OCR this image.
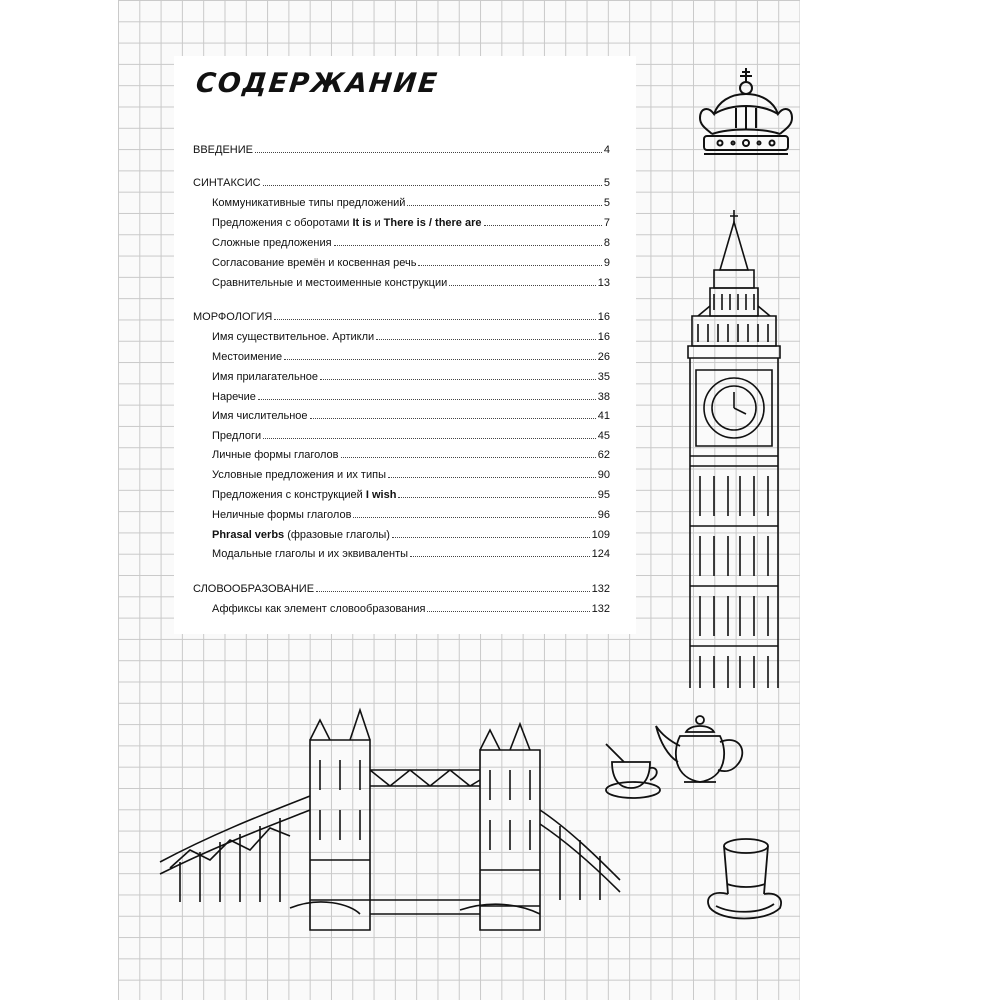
СОДЕРЖАНИЕ
ВВЕДЕНИЕ	4
СИНТАКСИС	5
Коммуникативные типы предложений	5
Предложения с оборотами It is и There is / there are	7
Сложные предложения	8
Согласование времён и косвенная речь	9
Сравнительные и местоименные конструкции	13
МОРФОЛОГИЯ	16
Имя существительное. Артикли	16
Местоимение	26
Имя прилагательное	35
Наречие	38
Имя числительное	41
Предлоги	45
Личные формы глаголов	62
Условные предложения и их типы	90
Предложения с конструкцией I wish	95
Неличные формы глаголов	96
Phrasal verbs (фразовые глаголы)	109
Модальные глаголы и их эквиваленты	124
СЛОВООБРАЗОВАНИЕ	132
Аффиксы как элемент словообразования	132
